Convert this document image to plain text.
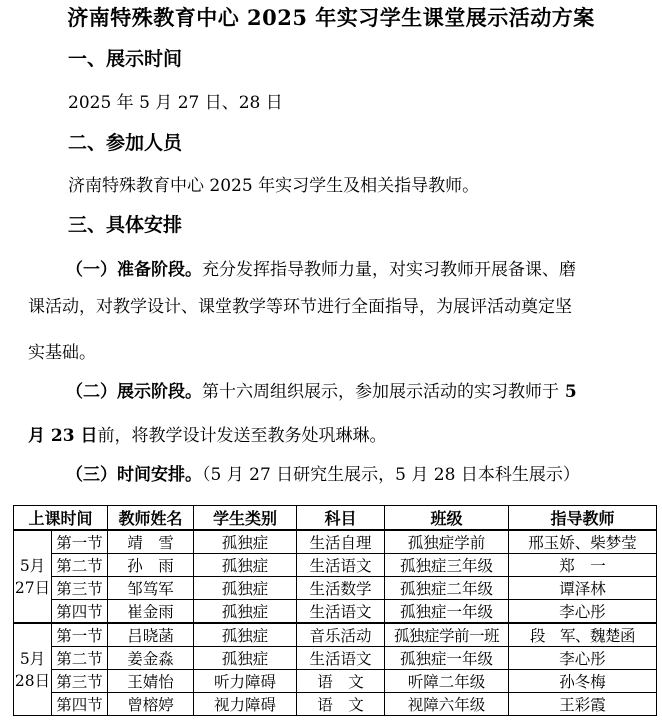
济南特殊教育中心 2025 年实习学生课堂展示活动方案
一、展示时间
2025 年 5 月 27 日、28 日
二、参加人员
济南特殊教育中心 2025 年实习学生及相关指导教师。
三、具体安排
（一）准备阶段。充分发挥指导教师力量，对实习教师开展备课、磨
课活动，对教学设计、课堂教学等环节进行全面指导，为展评活动奠定坚
实基础。
（二）展示阶段。第十六周组织展示，参加展示活动的实习教师于 5
月 23 日前，将教学设计发送至教务处巩琳琳。
（三）时间安排。（5 月 27 日研究生展示，5 月 28 日本科生展示）
上课时间		教师姓名	学生类别	科目	班级	指导教师
5月27日	第一节	靖　雪	孤独症	生活自理	孤独症学前	邢玉娇、柴梦莹
	第二节	孙　雨	孤独症	生活语文	孤独症三年级	郑　一
	第三节	邹笃军	孤独症	生活数学	孤独症二年级	谭泽林
	第四节	崔金雨	孤独症	生活语文	孤独症一年级	李心彤
5月28日	第一节	吕晓菡	孤独症	音乐活动	孤独症学前一班	段　军、魏楚函
	第二节	姜金淼	孤独症	生活语文	孤独症一年级	李心彤
	第三节	王婧怡	听力障碍	语　文	听障二年级	孙冬梅
	第四节	曾榕婷	视力障碍	语　文	视障六年级	王彩霞
